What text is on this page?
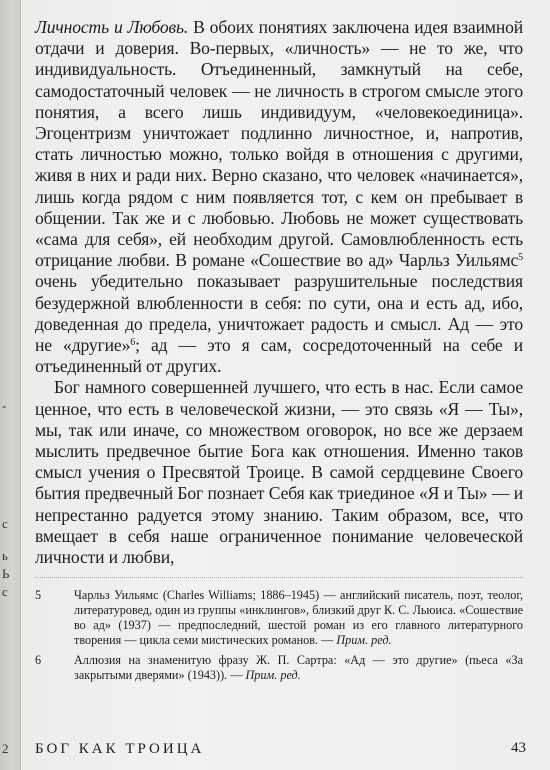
-
с
ь
Ь
с
2

Личность и Любовь. В обоих понятиях заключена идея взаимной отдачи и доверия. Во-первых, «личность» — не то же, что индивидуальность. Отъединенный, замкнутый на себе, самодостаточный человек — не личность в строгом смысле этого понятия, а всего лишь индивидуум, «человекоединица». Эгоцентризм уничтожает подлинно личностное, и, напротив, стать личностью можно, только войдя в отношения с другими, живя в них и ради них. Верно сказано, что человек «начинается», лишь когда рядом с ним появляется тот, с кем он пребывает в общении. Так же и с любовью. Любовь не может существовать «сама для себя», ей необходим другой. Самовлюбленность есть отрицание любви. В романе «Сошествие во ад» Чарльз Уильямс$^5$ очень убедительно показывает разрушительные последствия безудержной влюбленности в себя: по сути, она и есть ад, ибо, доведенная до предела, уничтожает радость и смысл. Ад — это не «другие»$^6$; ад — это я сам, сосредоточенный на себе и отъединенный от других.

Бог намного совершенней лучшего, что есть в нас. Если самое ценное, что есть в человеческой жизни, — это связь «Я — Ты», мы, так или иначе, со множеством оговорок, но все же дерзаем мыслить предвечное бытие Бога как отношения. Именно таков смысл учения о Пресвятой Троице. В самой сердцевине Своего бытия предвечный Бог познает Себя как триединое «Я и Ты» — и непрестанно радуется этому знанию. Таким образом, все, что вмещает в себя наше ограниченное понимание человеческой личности и любви,

5	Чарльз Уильямс (Charles Williams; 1886–1945) — английский писатель, поэт, теолог, литературовед, один из группы «инклингов», близкий друг К. С. Льюиса. «Сошествие во ад» (1937) — предпоследний, шестой роман из его главного литературного творения — цикла семи мистических романов. — Прим. ред.
6	Аллюзия на знаменитую фразу Ж. П. Сартра: «Ад — это другие» (пьеса «За закрытыми дверями» (1943)). — Прим. ред.
БОГ КАК ТРОИЦА	43
